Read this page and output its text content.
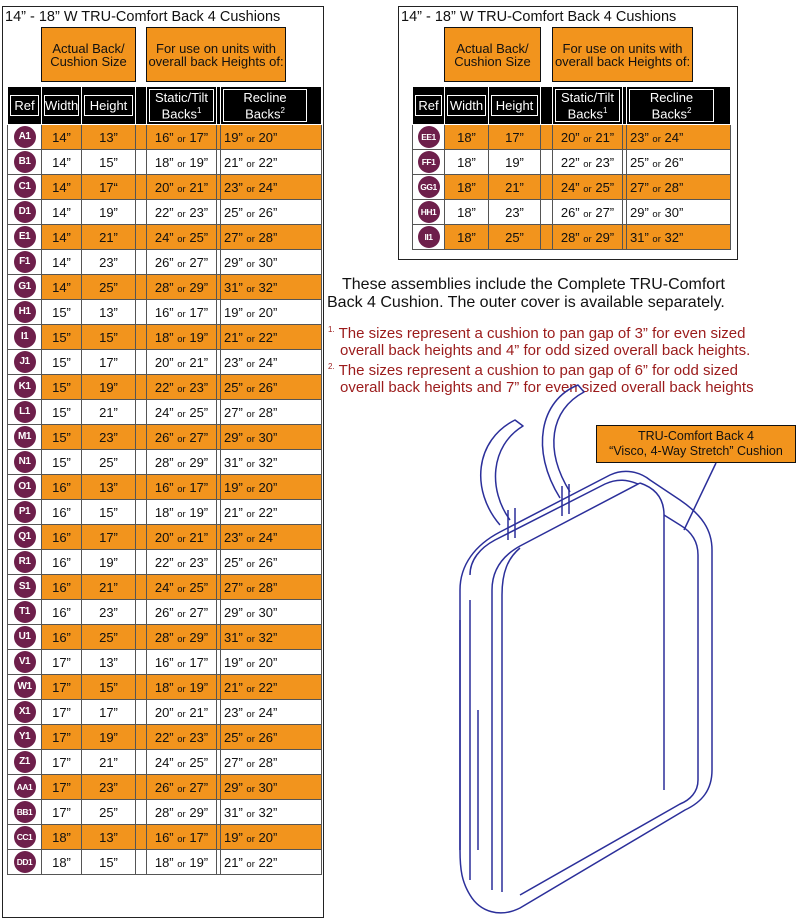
14” - 18” W TRU-Comfort Back 4 Cushions
	Actual Back/ Cushion Size			For use on units with overall back Heights of:			

Ref	Width	Height		Static/Tilt Backs$^1$		Recline Backs$^2$

A1	14”	13”		16” or 17”		19” or 20”	
B1	14”	15”		18” or 19”		21” or 22”	
C1	14”	17“		20” or 21”		23” or 24”	
D1	14”	19”		22” or 23”		25” or 26”	
E1	14”	21”		24” or 25”		27” or 28”	
F1	14”	23”		26” or 27”		29” or 30”	
G1	14”	25”		28” or 29”		31” or 32”	
H1	15”	13”		16” or 17”		19” or 20”	
I1	15”	15”		18” or 19”		21” or 22”	
J1	15”	17”		20” or 21”		23” or 24”	
K1	15”	19”		22” or 23”		25” or 26”	
L1	15”	21”		24” or 25”		27” or 28”	
M1	15”	23”		26” or 27”		29” or 30”	
N1	15”	25”		28” or 29”		31” or 32”	
O1	16”	13”		16” or 17”		19” or 20”	
P1	16”	15”		18” or 19”		21” or 22”	
Q1	16”	17”		20” or 21”		23” or 24”	
R1	16”	19”		22” or 23”		25” or 26”	
S1	16”	21”		24” or 25”		27” or 28”	
T1	16”	23”		26” or 27”		29” or 30”	
U1	16”	25”		28” or 29”		31” or 32”	
V1	17”	13”		16” or 17”		19” or 20”	
W1	17”	15”		18” or 19”		21” or 22”	
X1	17”	17”		20” or 21”		23” or 24”	
Y1	17”	19”		22” or 23”		25” or 26”	
Z1	17”	21”		24” or 25”		27” or 28”	
AA1	17”	23”		26” or 27”		29” or 30”	
BB1	17”	25”		28” or 29”		31” or 32”	
CC1	18”	13”		16” or 17”		19” or 20”	
DD1	18”	15”		18” or 19”		21” or 22”	
14” - 18” W TRU-Comfort Back 4 Cushions
	Actual Back/ Cushion Size			For use on units with overall back Heights of:			

Ref	Width	Height		Static/Tilt Backs$^1$		Recline Backs$^2$

EE1	18”	17”		20” or 21”		23” or 24”	
FF1	18”	19”		22” or 23”		25” or 26”	
GG1	18”	21”		24” or 25”		27” or 28”	
HH1	18”	23”		26” or 27”		29” or 30”	
II1	18”	25”		28” or 29”		31” or 32”	
These assemblies include the Complete TRU-Comfort
Back 4 Cushion. The outer cover is available separately.
$^{1.}$ The sizes represent a cushion to pan gap of 3” for even sized
overall back heights and 4” for odd sized overall back heights.
$^{2.}$ The sizes represent a cushion to pan gap of 6” for odd sized
overall back heights and 7” for even sized overall back heights
TRU-Comfort Back 4
“Visco, 4-Way Stretch” Cushion
